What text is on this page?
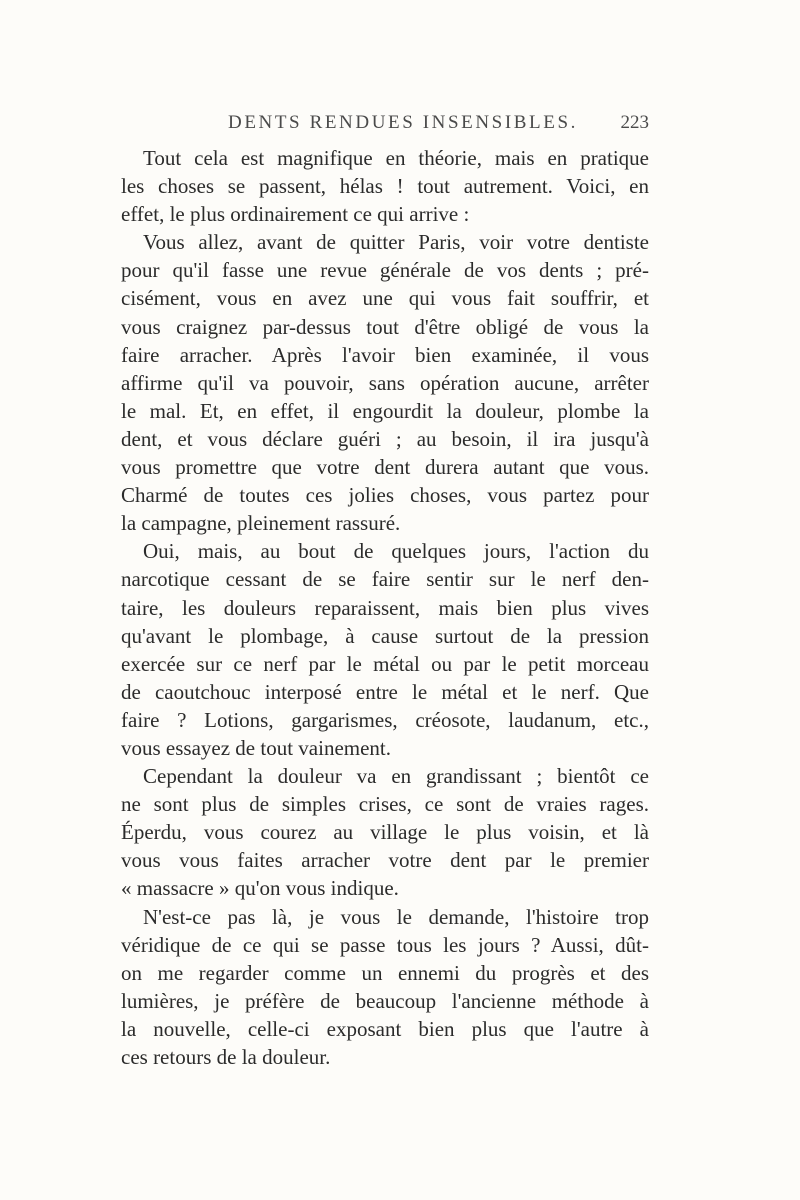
DENTS RENDUES INSENSIBLES. 223
Tout cela est magnifique en théorie, mais en pratique
les choses se passent, hélas ! tout autrement. Voici, en
effet, le plus ordinairement ce qui arrive :
Vous allez, avant de quitter Paris, voir votre dentiste
pour qu'il fasse une revue générale de vos dents ; pré-
cisément, vous en avez une qui vous fait souffrir, et
vous craignez par-dessus tout d'être obligé de vous la
faire arracher. Après l'avoir bien examinée, il vous
affirme qu'il va pouvoir, sans opération aucune, arrêter
le mal. Et, en effet, il engourdit la douleur, plombe la
dent, et vous déclare guéri ; au besoin, il ira jusqu'à
vous promettre que votre dent durera autant que vous.
Charmé de toutes ces jolies choses, vous partez pour
la campagne, pleinement rassuré.
Oui, mais, au bout de quelques jours, l'action du
narcotique cessant de se faire sentir sur le nerf den-
taire, les douleurs reparaissent, mais bien plus vives
qu'avant le plombage, à cause surtout de la pression
exercée sur ce nerf par le métal ou par le petit morceau
de caoutchouc interposé entre le métal et le nerf. Que
faire ? Lotions, gargarismes, créosote, laudanum, etc.,
vous essayez de tout vainement.
Cependant la douleur va en grandissant ; bientôt ce
ne sont plus de simples crises, ce sont de vraies rages.
Éperdu, vous courez au village le plus voisin, et là
vous vous faites arracher votre dent par le premier
« massacre » qu'on vous indique.
N'est-ce pas là, je vous le demande, l'histoire trop
véridique de ce qui se passe tous les jours ? Aussi, dût-
on me regarder comme un ennemi du progrès et des
lumières, je préfère de beaucoup l'ancienne méthode à
la nouvelle, celle-ci exposant bien plus que l'autre à
ces retours de la douleur.
